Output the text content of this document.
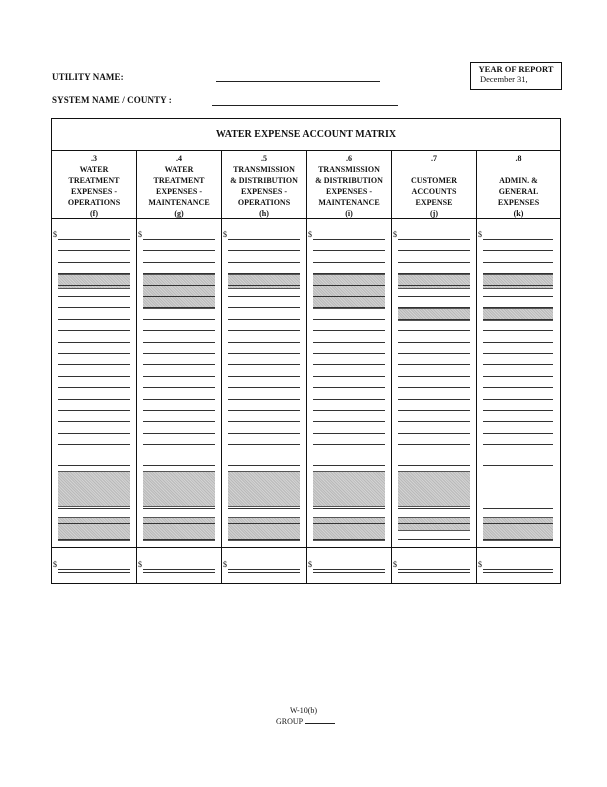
UTILITY NAME:
SYSTEM NAME / COUNTY :
YEAR OF REPORT
December 31,
WATER EXPENSE ACCOUNT MATRIX
.3
WATER
TREATMENT
EXPENSES -
OPERATIONS
(f)
$
$
.4
WATER
TREATMENT
EXPENSES -
MAINTENANCE
(g)
$
$
.5
TRANSMISSION
& DISTRIBUTION
EXPENSES -
OPERATIONS
(h)
$
$
.6
TRANSMISSION
& DISTRIBUTION
EXPENSES -
MAINTENANCE
(i)
$
$
.7

CUSTOMER
ACCOUNTS
EXPENSE
(j)
$
$
.8

ADMIN. &
GENERAL
EXPENSES
(k)
$
$
W-10(b)
GROUP
